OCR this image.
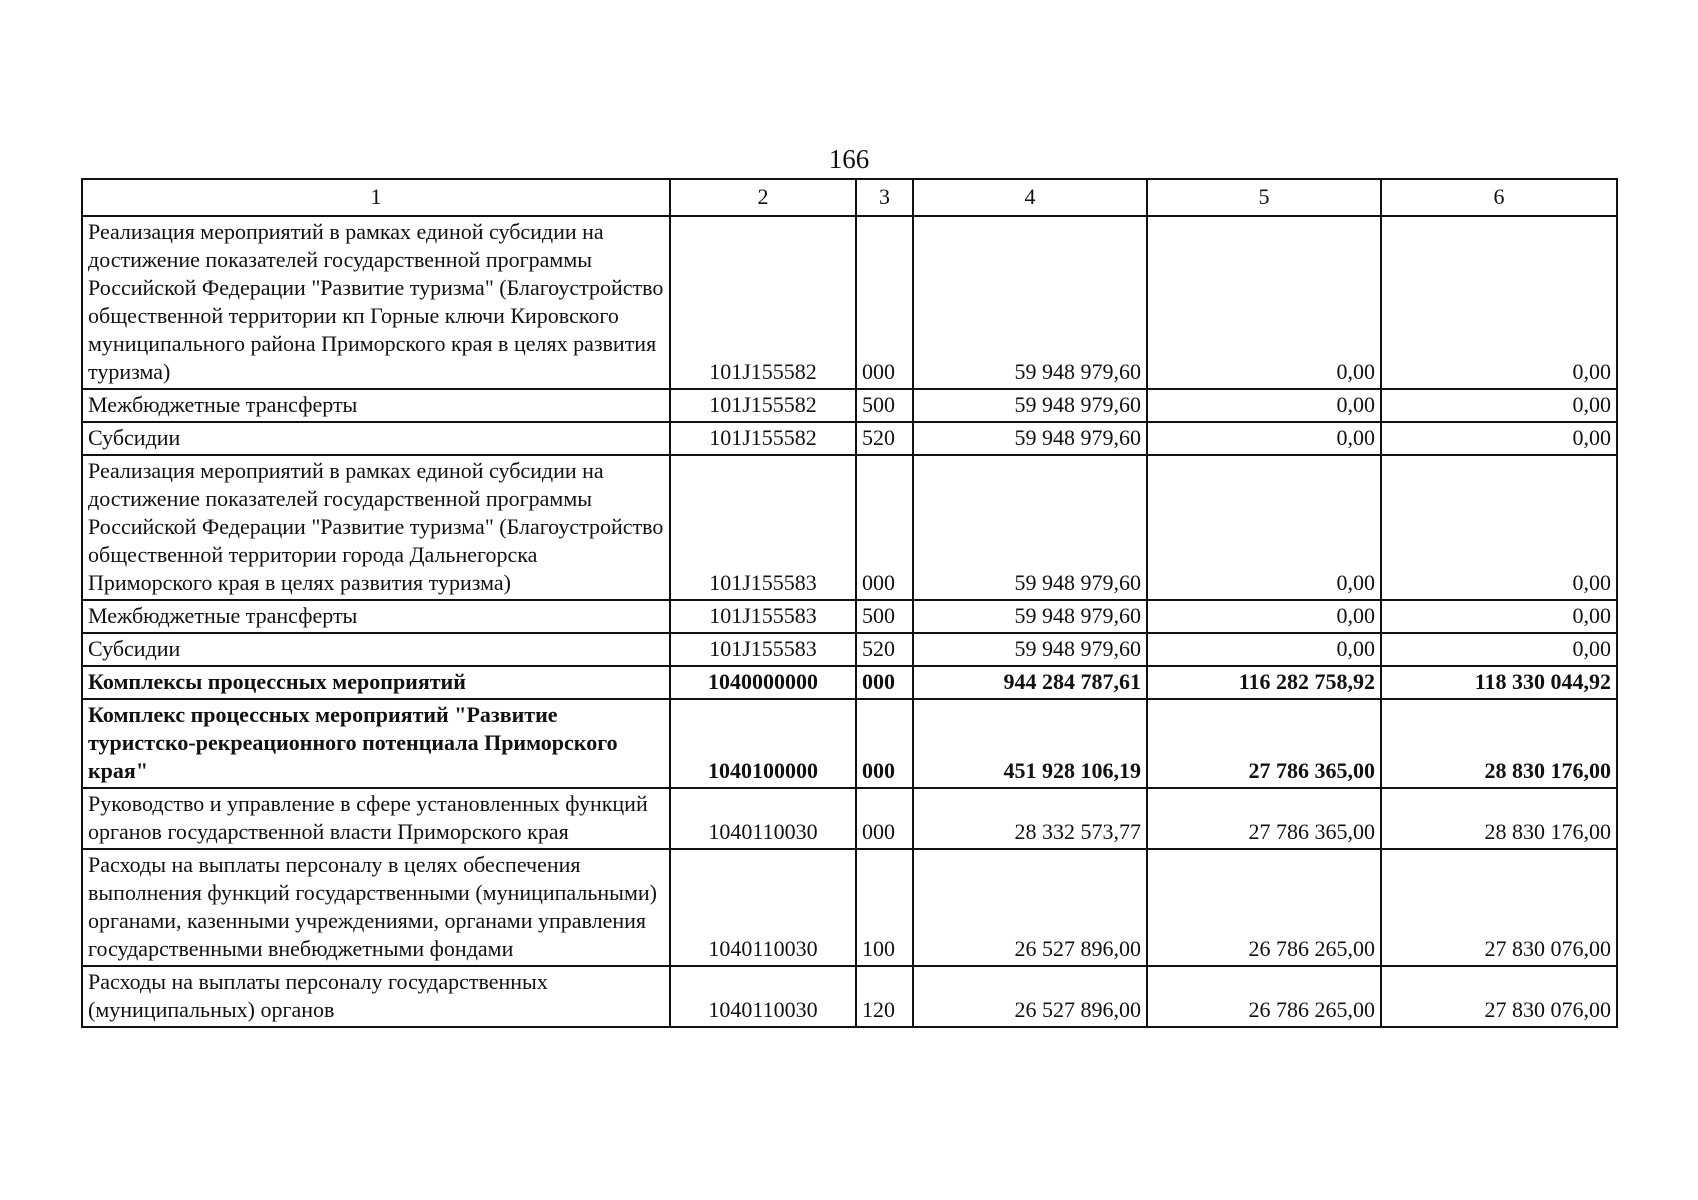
166
1	2	3	4	5	6
Реализация мероприятий в рамках единой субсидии на достижение показателей государственной программы Российской Федерации "Развитие туризма" (Благоустройство общественной территории кп Горные ключи Кировского муниципального района Приморского края в целях развития туризма)	101J155582	000	59 948 979,60	0,00	0,00
Межбюджетные трансферты	101J155582	500	59 948 979,60	0,00	0,00
Субсидии	101J155582	520	59 948 979,60	0,00	0,00
Реализация мероприятий в рамках единой субсидии на достижение показателей государственной программы Российской Федерации "Развитие туризма" (Благоустройство общественной территории города Дальнегорска Приморского края в целях развития туризма)	101J155583	000	59 948 979,60	0,00	0,00
Межбюджетные трансферты	101J155583	500	59 948 979,60	0,00	0,00
Субсидии	101J155583	520	59 948 979,60	0,00	0,00
Комплексы процессных мероприятий	1040000000	000	944 284 787,61	116 282 758,92	118 330 044,92
Комплекс процессных мероприятий "Развитие туристско-рекреационного потенциала Приморского края"	1040100000	000	451 928 106,19	27 786 365,00	28 830 176,00
Руководство и управление в сфере установленных функций органов государственной власти Приморского края	1040110030	000	28 332 573,77	27 786 365,00	28 830 176,00
Расходы на выплаты персоналу в целях обеспечения выполнения функций государственными (муниципальными) органами, казенными учреждениями, органами управления государственными внебюджетными фондами	1040110030	100	26 527 896,00	26 786 265,00	27 830 076,00
Расходы на выплаты персоналу государственных (муниципальных) органов	1040110030	120	26 527 896,00	26 786 265,00	27 830 076,00
